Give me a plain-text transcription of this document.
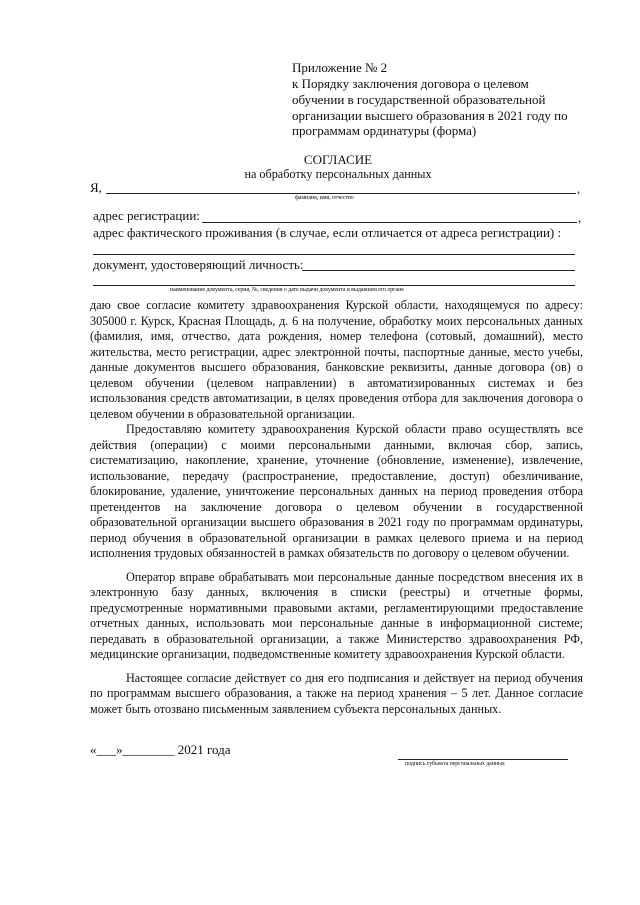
Приложение № 2
к Порядку заключения договора о целевом
обучении в государственной образовательной
организации высшего образования в 2021 году по
программам ординатуры (форма)
СОГЛАСИЕ
на обработку персональных данных
Я,	,
фамилия, имя, отчество
адрес регистрации:	,
адрес фактического проживания (в случае, если отличается от адреса регистрации) :
документ, удостоверяющий личность:
наименование документа, серия, №, сведения о дате выдачи документа и выдавшем его органе

даю свое согласие комитету здравоохранения Курской области, находящемуся по адресу: 305000 г. Курск, Красная Площадь, д. 6 на получение, обработку моих персональных данных (фамилия, имя, отчество, дата рождения, номер телефона (сотовый, домашний), место жительства, место регистрации, адрес электронной почты, паспортные данные, место учебы, данные документов высшего образования, банковские реквизиты, данные договора (ов) о целевом обучении (целевом направлении) в автоматизированных системах и без использования средств автоматизации, в целях проведения отбора для заключения договора о целевом обучении в образовательной организации.

Предоставляю комитету здравоохранения Курской области право осуществлять все действия (операции) с моими персональными данными, включая сбор, запись, систематизацию, накопление, хранение, уточнение (обновление, изменение), извлечение, использование, передачу (распространение, предоставление, доступ) обезличивание, блокирование, удаление, уничтожение персональных данных на период проведения отбора претендентов на заключение договора о целевом обучении в государственной образовательной организации высшего образования в 2021 году по программам ординатуры, период обучения в образовательной организации в рамках целевого приема и на период исполнения трудовых обязанностей в рамках обязательств по договору о целевом обучении.

Оператор вправе обрабатывать мои персональные данные посредством внесения их в электронную базу данных, включения в списки (реестры) и отчетные формы, предусмотренные нормативными правовыми актами, регламентирующими предоставление отчетных данных, использовать мои персональные данные в информационной системе; передавать в образовательной организации, а также Министерство здравоохранения РФ, медицинские организации, подведомственные комитету здравоохранения Курской области.

Настоящее согласие действует со дня его подписания и действует на период обучения по программам высшего образования, а также на период хранения – 5 лет. Данное согласие может быть отозвано письменным заявлением субъекта персональных данных.

«___»________ 2021 года
подпись субъекта персональных данных
